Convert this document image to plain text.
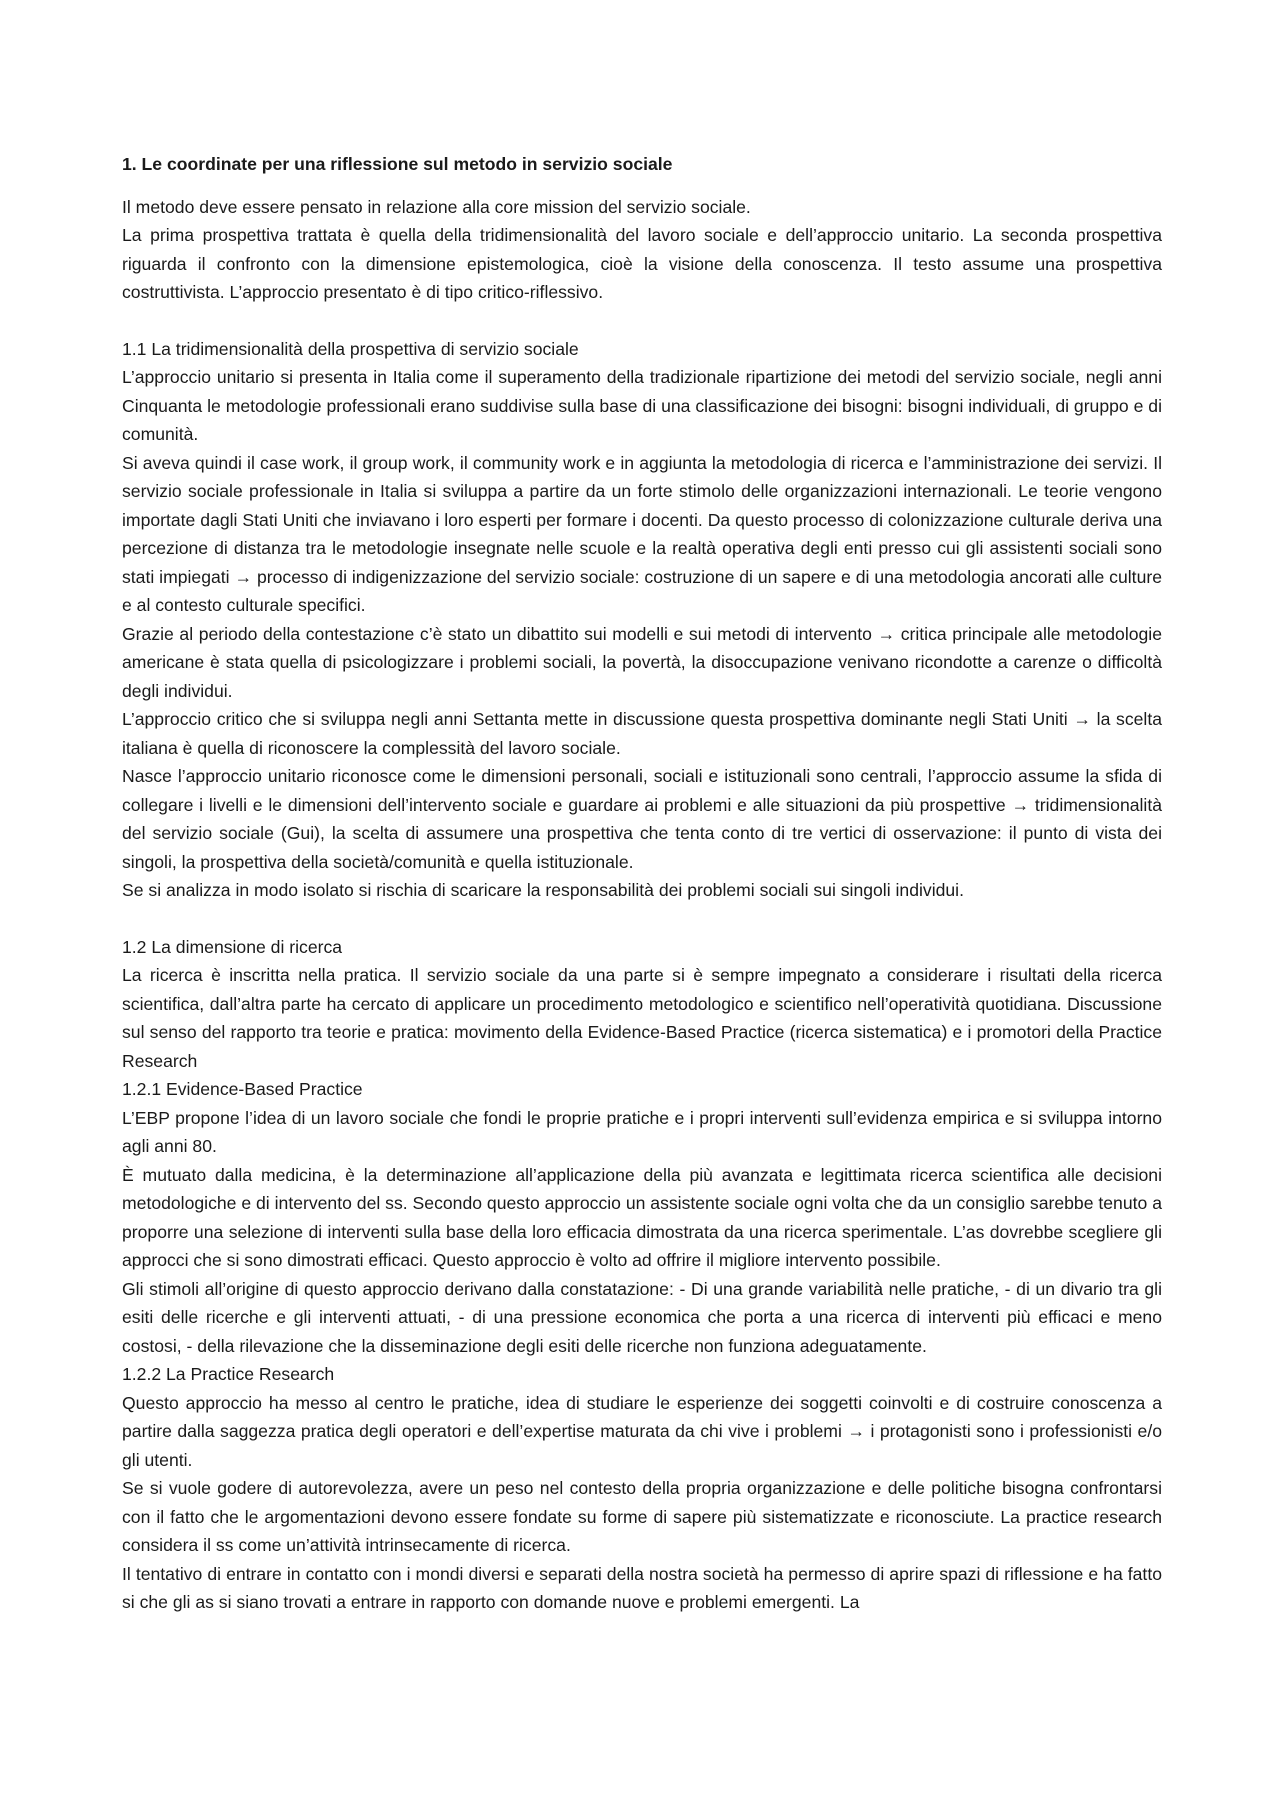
1. Le coordinate per una riflessione sul metodo in servizio sociale

Il metodo deve essere pensato in relazione alla core mission del servizio sociale.

La prima prospettiva trattata è quella della tridimensionalità del lavoro sociale e dell’approccio unitario. La seconda prospettiva riguarda il confronto con la dimensione epistemologica, cioè la visione della conoscenza. Il testo assume una prospettiva costruttivista. L’approccio presentato è di tipo critico-riflessivo.

1.1 La tridimensionalità della prospettiva di servizio sociale

L’approccio unitario si presenta in Italia come il superamento della tradizionale ripartizione dei metodi del servizio sociale, negli anni Cinquanta le metodologie professionali erano suddivise sulla base di una classificazione dei bisogni: bisogni individuali, di gruppo e di comunità.

Si aveva quindi il case work, il group work, il community work e in aggiunta la metodologia di ricerca e l’amministrazione dei servizi. Il servizio sociale professionale in Italia si sviluppa a partire da un forte stimolo delle organizzazioni internazionali. Le teorie vengono importate dagli Stati Uniti che inviavano i loro esperti per formare i docenti. Da questo processo di colonizzazione culturale deriva una percezione di distanza tra le metodologie insegnate nelle scuole e la realtà operativa degli enti presso cui gli assistenti sociali sono stati impiegati → processo di indigenizzazione del servizio sociale: costruzione di un sapere e di una metodologia ancorati alle culture e al contesto culturale specifici.

Grazie al periodo della contestazione c’è stato un dibattito sui modelli e sui metodi di intervento → critica principale alle metodologie americane è stata quella di psicologizzare i problemi sociali, la povertà, la disoccupazione venivano ricondotte a carenze o difficoltà degli individui.

L’approccio critico che si sviluppa negli anni Settanta mette in discussione questa prospettiva dominante negli Stati Uniti → la scelta italiana è quella di riconoscere la complessità del lavoro sociale.

Nasce l’approccio unitario riconosce come le dimensioni personali, sociali e istituzionali sono centrali, l’approccio assume la sfida di collegare i livelli e le dimensioni dell’intervento sociale e guardare ai problemi e alle situazioni da più prospettive → tridimensionalità del servizio sociale (Gui), la scelta di assumere una prospettiva che tenta conto di tre vertici di osservazione: il punto di vista dei singoli, la prospettiva della società/comunità e quella istituzionale.

Se si analizza in modo isolato si rischia di scaricare la responsabilità dei problemi sociali sui singoli individui.

1.2 La dimensione di ricerca

La ricerca è inscritta nella pratica. Il servizio sociale da una parte si è sempre impegnato a considerare i risultati della ricerca scientifica, dall’altra parte ha cercato di applicare un procedimento metodologico e scientifico nell’operatività quotidiana. Discussione sul senso del rapporto tra teorie e pratica: movimento della Evidence-Based Practice (ricerca sistematica) e i promotori della Practice Research

1.2.1 Evidence-Based Practice

L’EBP propone l’idea di un lavoro sociale che fondi le proprie pratiche e i propri interventi sull’evidenza empirica e si sviluppa intorno agli anni 80.

È mutuato dalla medicina, è la determinazione all’applicazione della più avanzata e legittimata ricerca scientifica alle decisioni metodologiche e di intervento del ss. Secondo questo approccio un assistente sociale ogni volta che da un consiglio sarebbe tenuto a proporre una selezione di interventi sulla base della loro efficacia dimostrata da una ricerca sperimentale. L’as dovrebbe scegliere gli approcci che si sono dimostrati efficaci. Questo approccio è volto ad offrire il migliore intervento possibile.

Gli stimoli all’origine di questo approccio derivano dalla constatazione: - Di una grande variabilità nelle pratiche, - di un divario tra gli esiti delle ricerche e gli interventi attuati, - di una pressione economica che porta a una ricerca di interventi più efficaci e meno costosi, - della rilevazione che la disseminazione degli esiti delle ricerche non funziona adeguatamente.

1.2.2 La Practice Research

Questo approccio ha messo al centro le pratiche, idea di studiare le esperienze dei soggetti coinvolti e di costruire conoscenza a partire dalla saggezza pratica degli operatori e dell’expertise maturata da chi vive i problemi → i protagonisti sono i professionisti e/o gli utenti.

Se si vuole godere di autorevolezza, avere un peso nel contesto della propria organizzazione e delle politiche bisogna confrontarsi con il fatto che le argomentazioni devono essere fondate su forme di sapere più sistematizzate e riconosciute. La practice research considera il ss come un’attività intrinsecamente di ricerca.

Il tentativo di entrare in contatto con i mondi diversi e separati della nostra società ha permesso di aprire spazi di riflessione e ha fatto si che gli as si siano trovati a entrare in rapporto con domande nuove e problemi emergenti. La
